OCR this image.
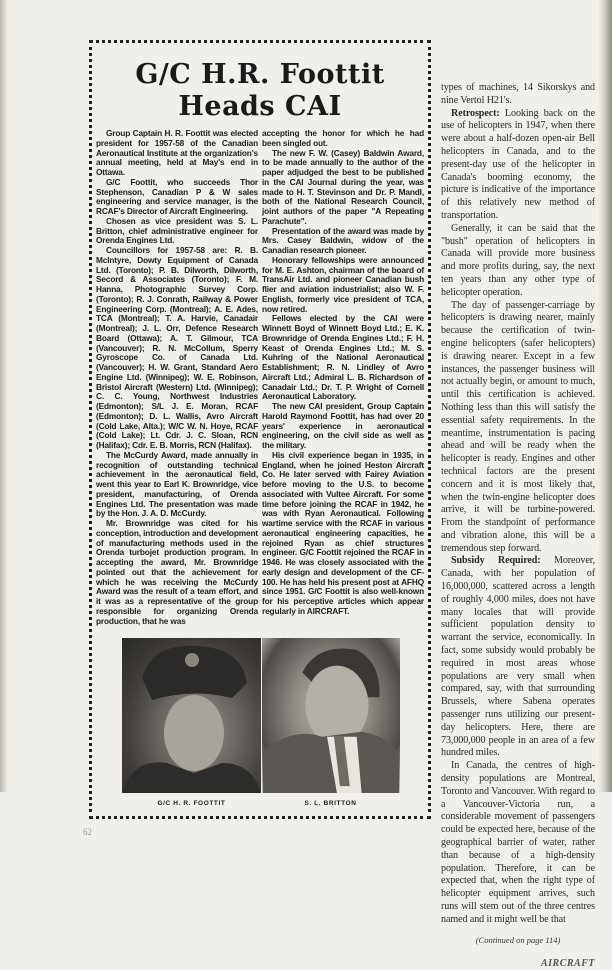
G/C H.R. Foottit Heads CAI

Group Captain H. R. Foottit was elected president for 1957-58 of the Canadian Aeronautical Institute at the organization's annual meeting, held at May's end in Ottawa.

G/C Foottit, who succeeds Thor Stephenson, Canadian P & W sales engineering and service manager, is the RCAF's Director of Aircraft Engineering.

Chosen as vice president was S. L. Britton, chief administrative engineer for Orenda Engines Ltd.

Councillors for 1957-58 are: R. B. McIntyre, Dowty Equipment of Canada Ltd. (Toronto); P. B. Dilworth, Dilworth, Secord & Associates (Toronto); F. M. Hanna, Photographic Survey Corp. (Toronto); R. J. Conrath, Railway & Power Engineering Corp. (Montreal); A. E. Ades, TCA (Montreal); T. A. Harvie, Canadair (Montreal); J. L. Orr, Defence Research Board (Ottawa); A. T. Gilmour, TCA (Vancouver); R. N. McCollum, Sperry Gyroscope Co. of Canada Ltd. (Vancouver); H. W. Grant, Standard Aero Engine Ltd. (Winnipeg); W. E. Robinson, Bristol Aircraft (Western) Ltd. (Winnipeg); C. C. Young, Northwest Industries (Edmonton); S/L J. E. Moran, RCAF (Edmonton); D. L. Wallis, Avro Aircraft (Cold Lake, Alta.); W/C W. N. Hoye, RCAF (Cold Lake); Lt. Cdr. J. C. Sloan, RCN (Halifax); Cdr. E. B. Morris, RCN (Halifax).

The McCurdy Award, made annually in recognition of outstanding technical achievement in the aeronautical field, went this year to Earl K. Brownridge, vice president, manufacturing, of Orenda Engines Ltd. The presentation was made by the Hon. J. A. D. McCurdy.

Mr. Brownridge was cited for his conception, introduction and development of manufacturing methods used in the Orenda turbojet production program. In accepting the award, Mr. Brownridge pointed out that the achievement for which he was receiving the McCurdy Award was the result of a team effort, and it was as a representative of the group responsible for organizing Orenda production, that he was

accepting the honor for which he had been singled out.

The new F. W. (Casey) Baldwin Award, to be made annually to the author of the paper adjudged the best to be published in the CAI Journal during the year, was made to H. T. Stevinson and Dr. P. Mandl, both of the National Research Council, joint authors of the paper "A Repeating Parachute".

Presentation of the award was made by Mrs. Casey Baldwin, widow of the Canadian research pioneer.

Honorary fellowships were announced for M. E. Ashton, chairman of the board of TransAir Ltd. and pioneer Canadian bush flier and aviation industrialist; also W. F. English, formerly vice president of TCA, now retired.

Fellows elected by the CAI were Winnett Boyd of Winnett Boyd Ltd.; E. K. Brownridge of Orenda Engines Ltd.; F. H. Keast of Orenda Engines Ltd.; M. S. Kuhring of the National Aeronautical Establishment; R. N. Lindley of Avro Aircraft Ltd.; Admiral L. B. Richardson of Canadair Ltd.; Dr. T. P. Wright of Cornell Aeronautical Laboratory.

The new CAI president, Group Captain Harold Raymond Foottit, has had over 20 years' experience in aeronautical engineering, on the civil side as well as the military.

His civil experience began in 1935, in England, when he joined Heston Aircraft Co. He later served with Fairey Aviation before moving to the U.S. to become associated with Vultee Aircraft. For some time before joining the RCAF in 1942, he was with Ryan Aeronautical. Following wartime service with the RCAF in various aeronautical engineering capacities, he rejoined Ryan as chief structures engineer. G/C Foottit rejoined the RCAF in 1946. He was closely associated with the early design and development of the CF-100. He has held his present post at AFHQ since 1951. G/C Foottit is also well-known for his perceptive articles which appear regularly in AIRCRAFT.

G/C H. R. FOOTTIT	S. L. BRITTON

types of machines, 14 Sikorskys and nine Vertol H21's.

Retrospect: Looking back on the use of helicopters in 1947, when there were about a half-dozen open-air Bell helicopters in Canada, and to the present-day use of the helicopter in Canada's booming economy, the picture is indicative of the importance of this relatively new method of transportation.

Generally, it can be said that the "bush" operation of helicopters in Canada will provide more business and more profits during, say, the next ten years than any other type of helicopter operation.

The day of passenger-carriage by helicopters is drawing nearer, mainly because the certification of twin-engine helicopters (safer helicopters) is drawing nearer. Except in a few instances, the passenger business will not actually begin, or amount to much, until this certification is achieved. Nothing less than this will satisfy the essential safety requirements. In the meantime, instrumentation is pacing ahead and will be ready when the helicopter is ready. Engines and other technical factors are the present concern and it is most likely that, when the twin-engine helicopter does arrive, it will be turbine-powered. From the standpoint of performance and vibration alone, this will be a tremendous step forward.

Subsidy Required: Moreover, Canada, with her population of 16,000,000, scattered across a length of roughly 4,000 miles, does not have many locales that will provide sufficient population density to warrant the service, economically. In fact, some subsidy would probably be required in most areas whose populations are very small when compared, say, with that surrounding Brussels, where Sabena operates passenger runs utilizing our present-day helicopters. Here, there are 73,000,000 people in an area of a few hundred miles.

In Canada, the centres of high-density populations are Montreal, Toronto and Vancouver. With regard to a Vancouver-Victoria run, a considerable movement of passengers could be expected here, because of the geographical barrier of water, rather than because of a high-density population. Therefore, it can be expected that, when the right type of helicopter equipment arrives, such runs will stem out of the three centres named and it might well be that

(Continued on page 114)
AIRCRAFT
62
